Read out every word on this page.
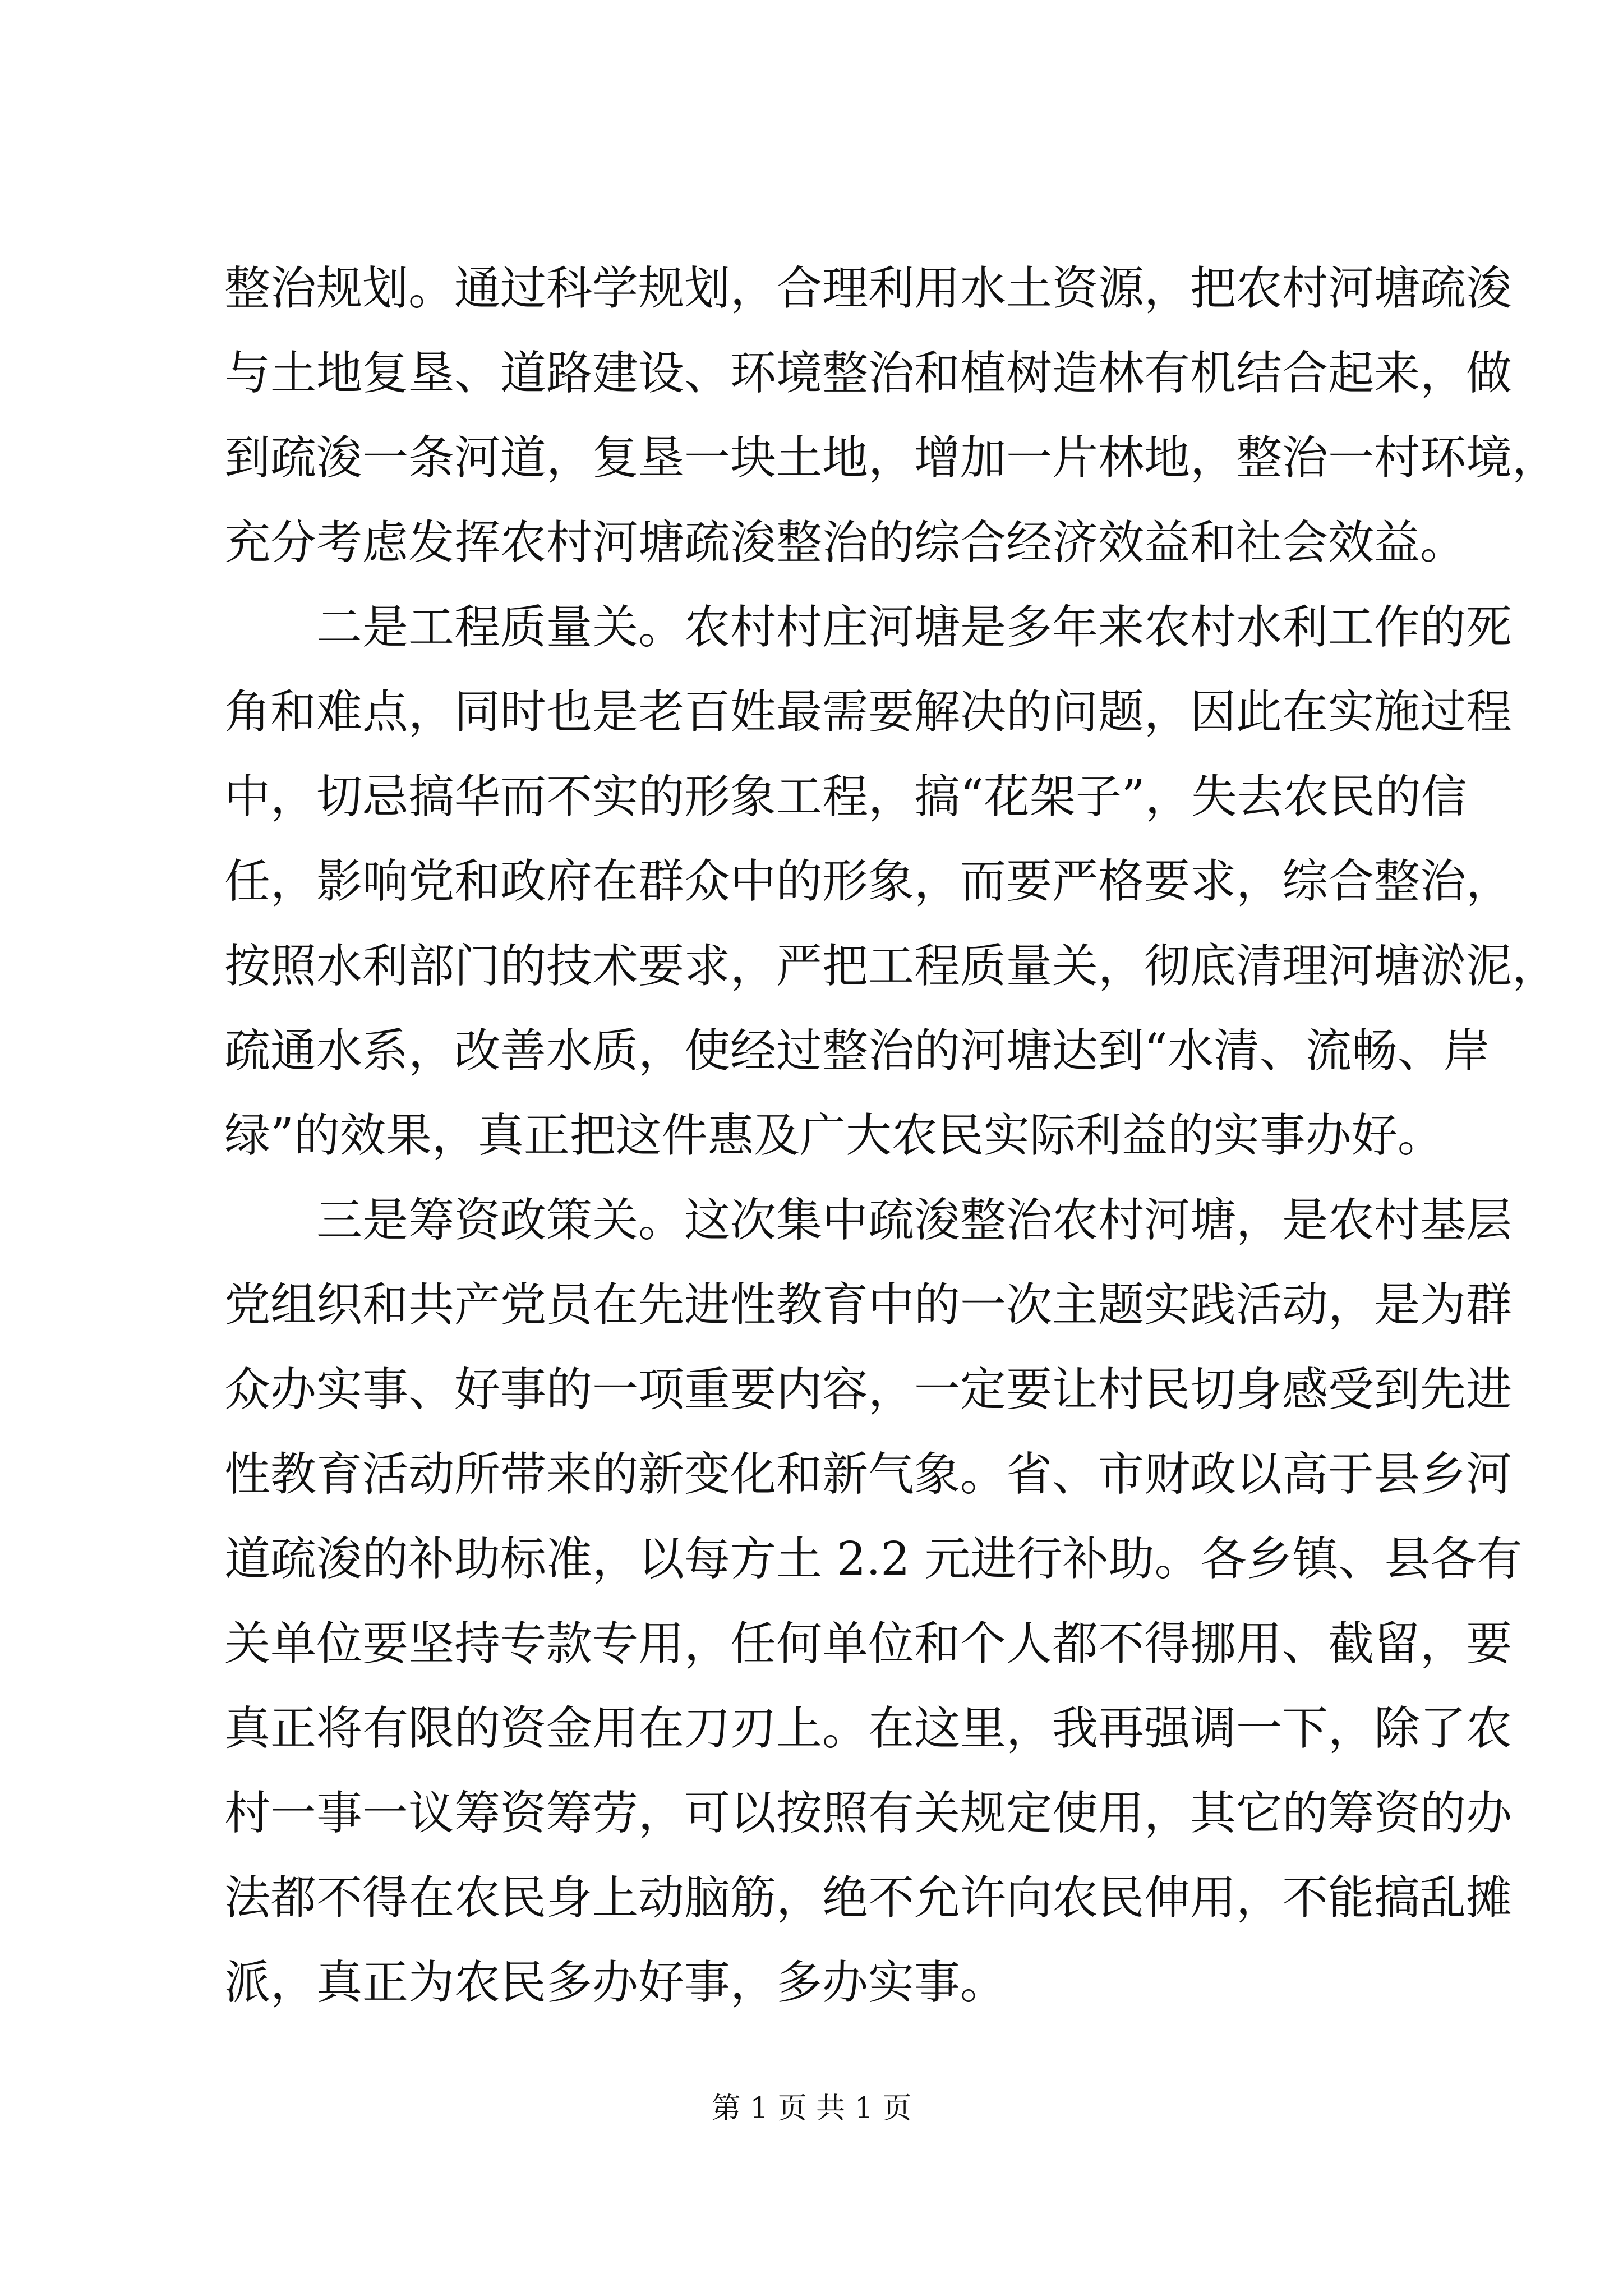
整治规划。通过科学规划，合理利用水土资源，把农村河塘疏浚
与土地复垦、道路建设、环境整治和植树造林有机结合起来，做
到疏浚一条河道，复垦一块土地，增加一片林地，整治一村环境，
充分考虑发挥农村河塘疏浚整治的综合经济效益和社会效益。
二是工程质量关。农村村庄河塘是多年来农村水利工作的死
角和难点，同时也是老百姓最需要解决的问题，因此在实施过程
中，切忌搞华而不实的形象工程，搞“花架子”，失去农民的信
任，影响党和政府在群众中的形象，而要严格要求，综合整治，
按照水利部门的技术要求，严把工程质量关，彻底清理河塘淤泥，
疏通水系，改善水质，使经过整治的河塘达到“水清、流畅、岸
绿”的效果，真正把这件惠及广大农民实际利益的实事办好。
三是筹资政策关。这次集中疏浚整治农村河塘，是农村基层
党组织和共产党员在先进性教育中的一次主题实践活动，是为群
众办实事、好事的一项重要内容，一定要让村民切身感受到先进
性教育活动所带来的新变化和新气象。省、市财政以高于县乡河
道疏浚的补助标准，以每方土 2.2 元进行补助。各乡镇、县各有
关单位要坚持专款专用，任何单位和个人都不得挪用、截留，要
真正将有限的资金用在刀刃上。在这里，我再强调一下，除了农
村一事一议筹资筹劳，可以按照有关规定使用，其它的筹资的办
法都不得在农民身上动脑筋，绝不允许向农民伸用，不能搞乱摊
派，真正为农民多办好事，多办实事。
第 1 页 共 1 页
